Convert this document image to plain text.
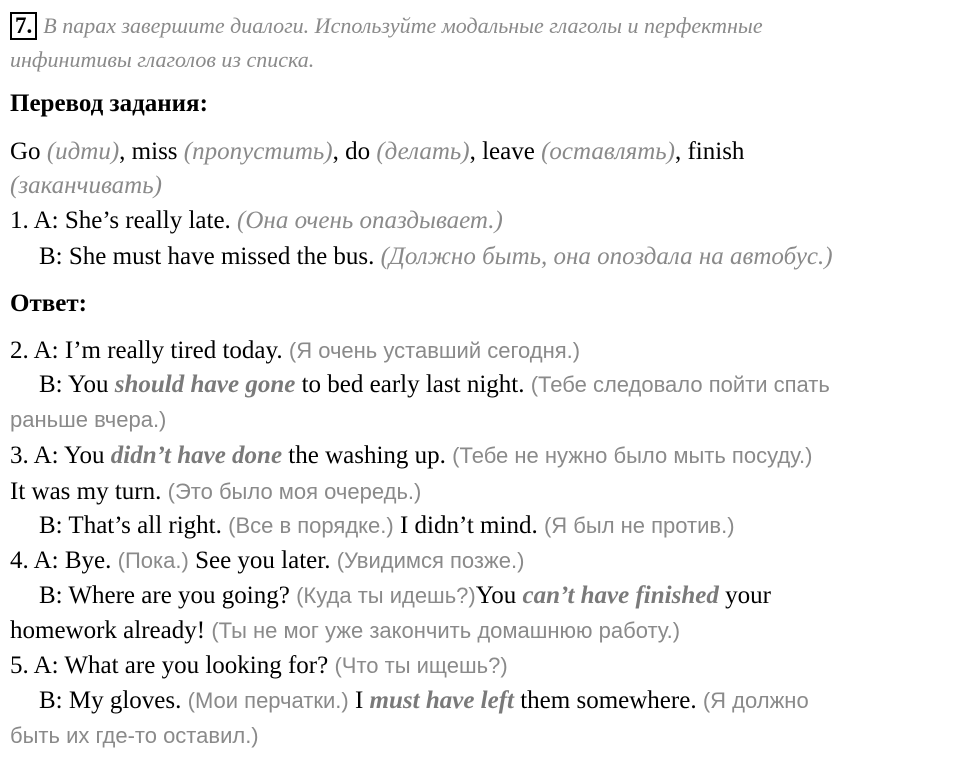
7. В парах завершите диалоги. Используйте модальные глаголы и перфектные
инфинитивы глаголов из списка.
Перевод задания:
Go (идти), miss (пропустить), do (делать), leave (оставлять), finish
(заканчивать)
1. A: She’s really late. (Она очень опаздывает.)
B: She must have missed the bus. (Должно быть, она опоздала на автобус.)
Ответ:
2. A: I’m really tired today. (Я очень уставший сегодня.)
B: You should have gone to bed early last night. (Тебе следовало пойти спать
раньше вчера.)
3. A: You didn’t have done the washing up. (Тебе не нужно было мыть посуду.)
It was my turn. (Это было моя очередь.)
B: That’s all right. (Все в порядке.) I didn’t mind. (Я был не против.)
4. A: Bye. (Пока.) See you later. (Увидимся позже.)
B: Where are you going? (Куда ты идешь?)You can’t have finished your
homework already! (Ты не мог уже закончить домашнюю работу.)
5. A: What are you looking for? (Что ты ищешь?)
B: My gloves. (Мои перчатки.) I must have left them somewhere. (Я должно
быть их где-то оставил.)
